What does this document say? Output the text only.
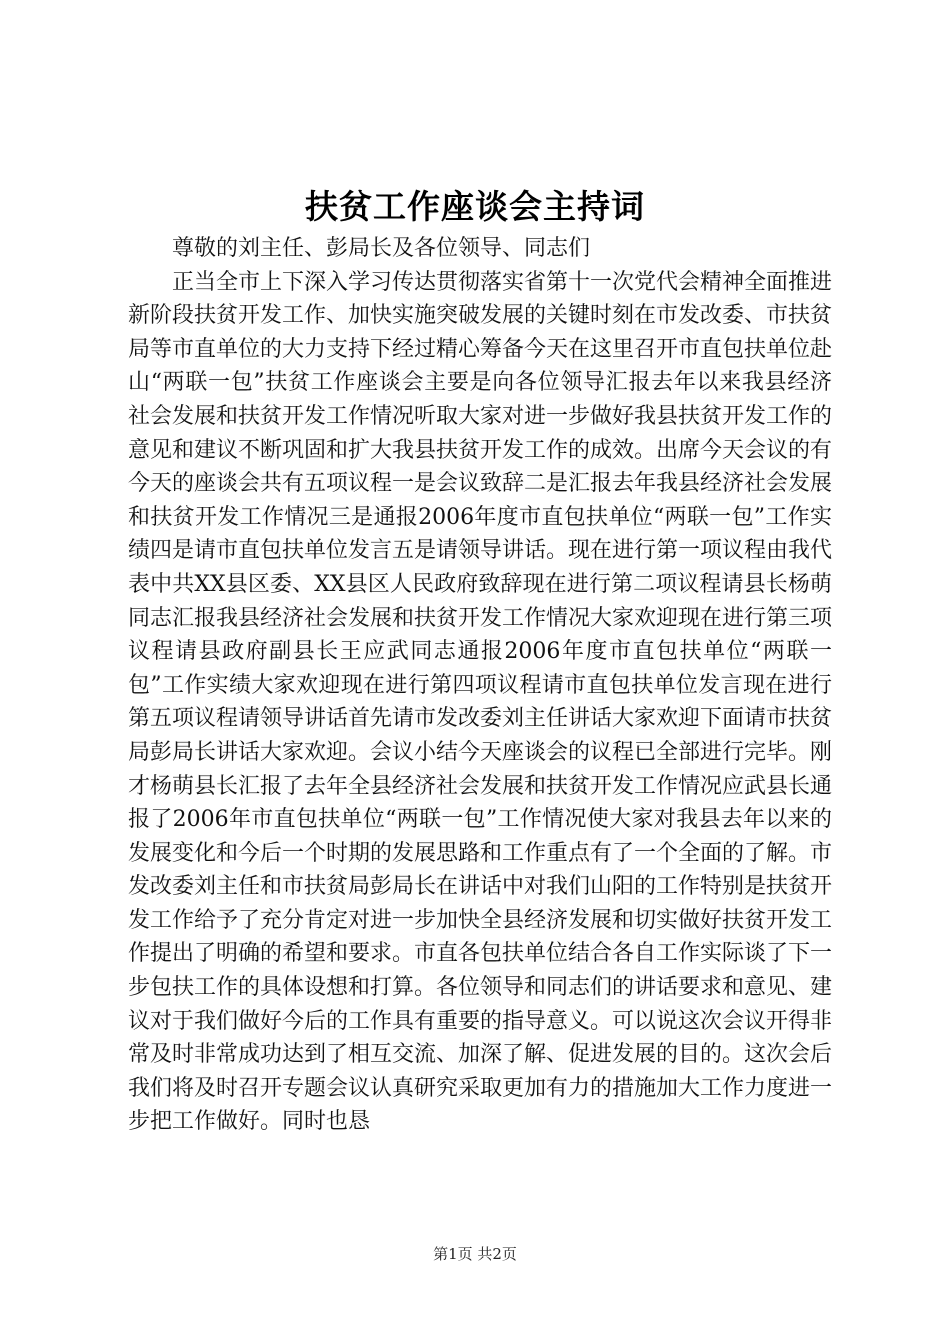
扶贫工作座谈会主持词

尊敬的刘主任、彭局长及各位领导、同志们

正当全市上下深入学习传达贯彻落实省第十一次党代会精神全面推进新阶段扶贫开发工作、加快实施突破发展的关键时刻在市发改委、市扶贫局等市直单位的大力支持下经过精心筹备今天在这里召开市直包扶单位赴山“两联一包”扶贫工作座谈会主要是向各位领导汇报去年以来我县经济社会发展和扶贫开发工作情况听取大家对进一步做好我县扶贫开发工作的意见和建议不断巩固和扩大我县扶贫开发工作的成效。出席今天会议的有今天的座谈会共有五项议程一是会议致辞二是汇报去年我县经济社会发展和扶贫开发工作情况三是通报2006年度市直包扶单位“两联一包”工作实绩四是请市直包扶单位发言五是请领导讲话。现在进行第一项议程由我代表中共XX县区委、XX县区人民政府致辞现在进行第二项议程请县长杨萌同志汇报我县经济社会发展和扶贫开发工作情况大家欢迎现在进行第三项议程请县政府副县长王应武同志通报2006年度市直包扶单位“两联一包”工作实绩大家欢迎现在进行第四项议程请市直包扶单位发言现在进行第五项议程请领导讲话首先请市发改委刘主任讲话大家欢迎下面请市扶贫局彭局长讲话大家欢迎。会议小结今天座谈会的议程已全部进行完毕。刚才杨萌县长汇报了去年全县经济社会发展和扶贫开发工作情况应武县长通报了2006年市直包扶单位“两联一包”工作情况使大家对我县去年以来的发展变化和今后一个时期的发展思路和工作重点有了一个全面的了解。市发改委刘主任和市扶贫局彭局长在讲话中对我们山阳的工作特别是扶贫开发工作给予了充分肯定对进一步加快全县经济发展和切实做好扶贫开发工作提出了明确的希望和要求。市直各包扶单位结合各自工作实际谈了下一步包扶工作的具体设想和打算。各位领导和同志们的讲话要求和意见、建议对于我们做好今后的工作具有重要的指导意义。可以说这次会议开得非常及时非常成功达到了相互交流、加深了解、促进发展的目的。这次会后我们将及时召开专题会议认真研究采取更加有力的措施加大工作力度进一步把工作做好。同时也恳

第1页 共2页
